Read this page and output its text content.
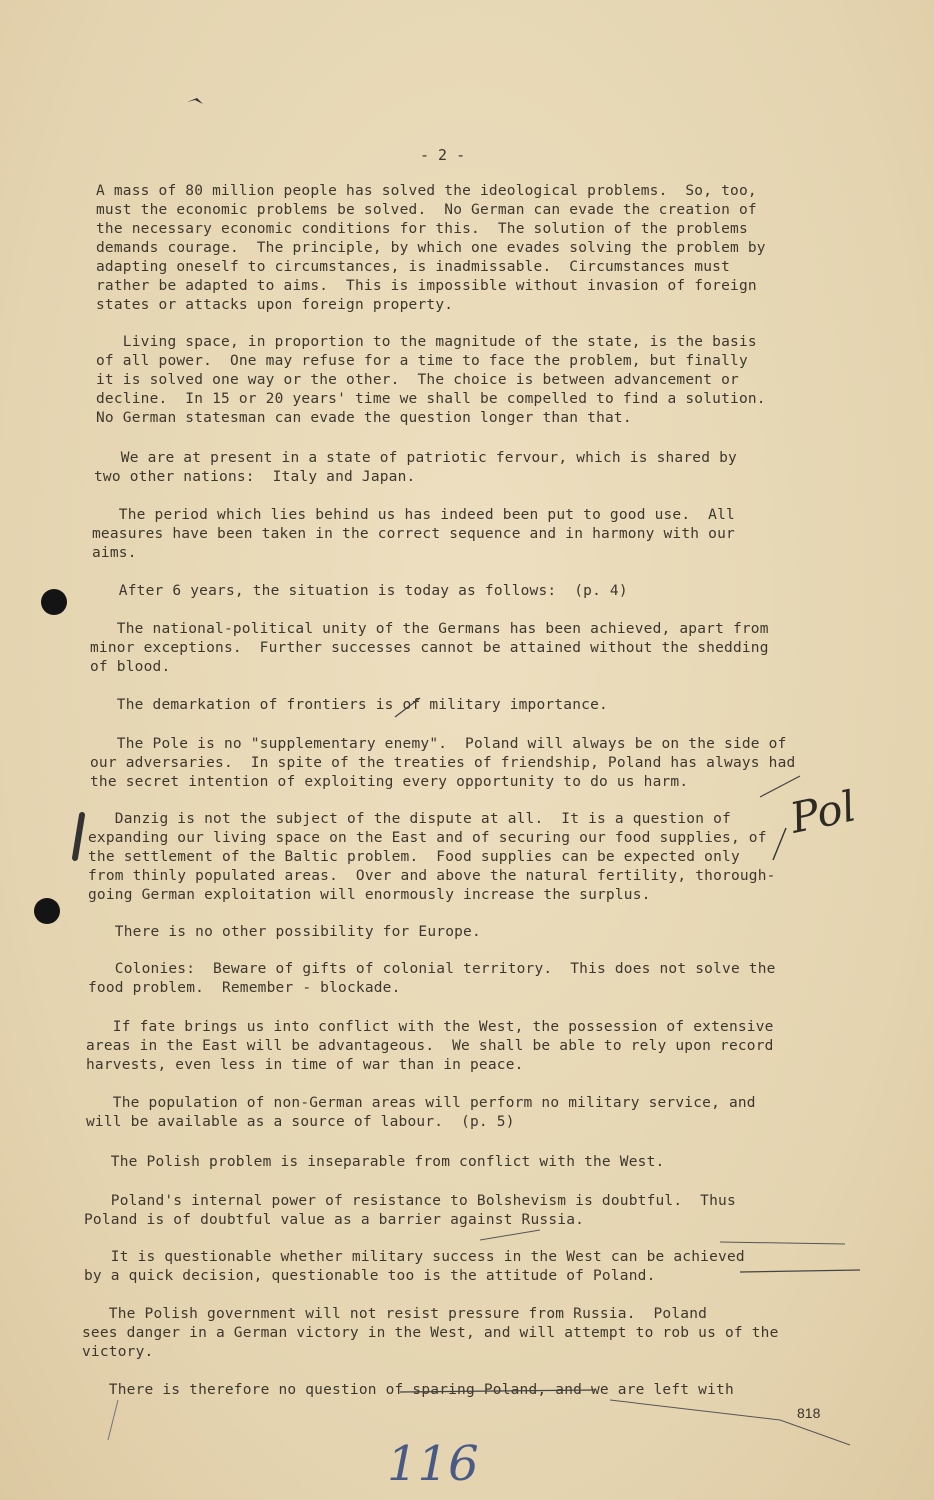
- 2 -
A mass of 80 million people has solved the ideological problems.  So, too,
must the economic problems be solved.  No German can evade the creation of
the necessary economic conditions for this.  The solution of the problems
demands courage.  The principle, by which one evades solving the problem by
adapting oneself to circumstances, is inadmissable.  Circumstances must
rather be adapted to aims.  This is impossible without invasion of foreign
states or attacks upon foreign property.
Living space, in proportion to the magnitude of the state, is the basis
of all power.  One may refuse for a time to face the problem, but finally
it is solved one way or the other.  The choice is between advancement or
decline.  In 15 or 20 years' time we shall be compelled to find a solution.
No German statesman can evade the question longer than that.
We are at present in a state of patriotic fervour, which is shared by
two other nations:  Italy and Japan.
The period which lies behind us has indeed been put to good use.  All
measures have been taken in the correct sequence and in harmony with our
aims.
After 6 years, the situation is today as follows:  (p. 4)
The national-political unity of the Germans has been achieved, apart from
minor exceptions.  Further successes cannot be attained without the shedding
of blood.
The demarkation of frontiers is of military importance.
The Pole is no "supplementary enemy".  Poland will always be on the side of
our adversaries.  In spite of the treaties of friendship, Poland has always had
the secret intention of exploiting every opportunity to do us harm.
Danzig is not the subject of the dispute at all.  It is a question of
expanding our living space on the East and of securing our food supplies, of
the settlement of the Baltic problem.  Food supplies can be expected only
from thinly populated areas.  Over and above the natural fertility, thorough-
going German exploitation will enormously increase the surplus.
There is no other possibility for Europe.
Colonies:  Beware of gifts of colonial territory.  This does not solve the
food problem.  Remember - blockade.
If fate brings us into conflict with the West, the possession of extensive
areas in the East will be advantageous.  We shall be able to rely upon record
harvests, even less in time of war than in peace.
The population of non-German areas will perform no military service, and
will be available as a source of labour.  (p. 5)
The Polish problem is inseparable from conflict with the West.
Poland's internal power of resistance to Bolshevism is doubtful.  Thus
Poland is of doubtful value as a barrier against Russia.
It is questionable whether military success in the West can be achieved
by a quick decision, questionable too is the attitude of Poland.
The Polish government will not resist pressure from Russia.  Poland
sees danger in a German victory in the West, and will attempt to rob us of the
victory.
There is therefore no question of sparing Poland, and we are left with
Pol
818
116
